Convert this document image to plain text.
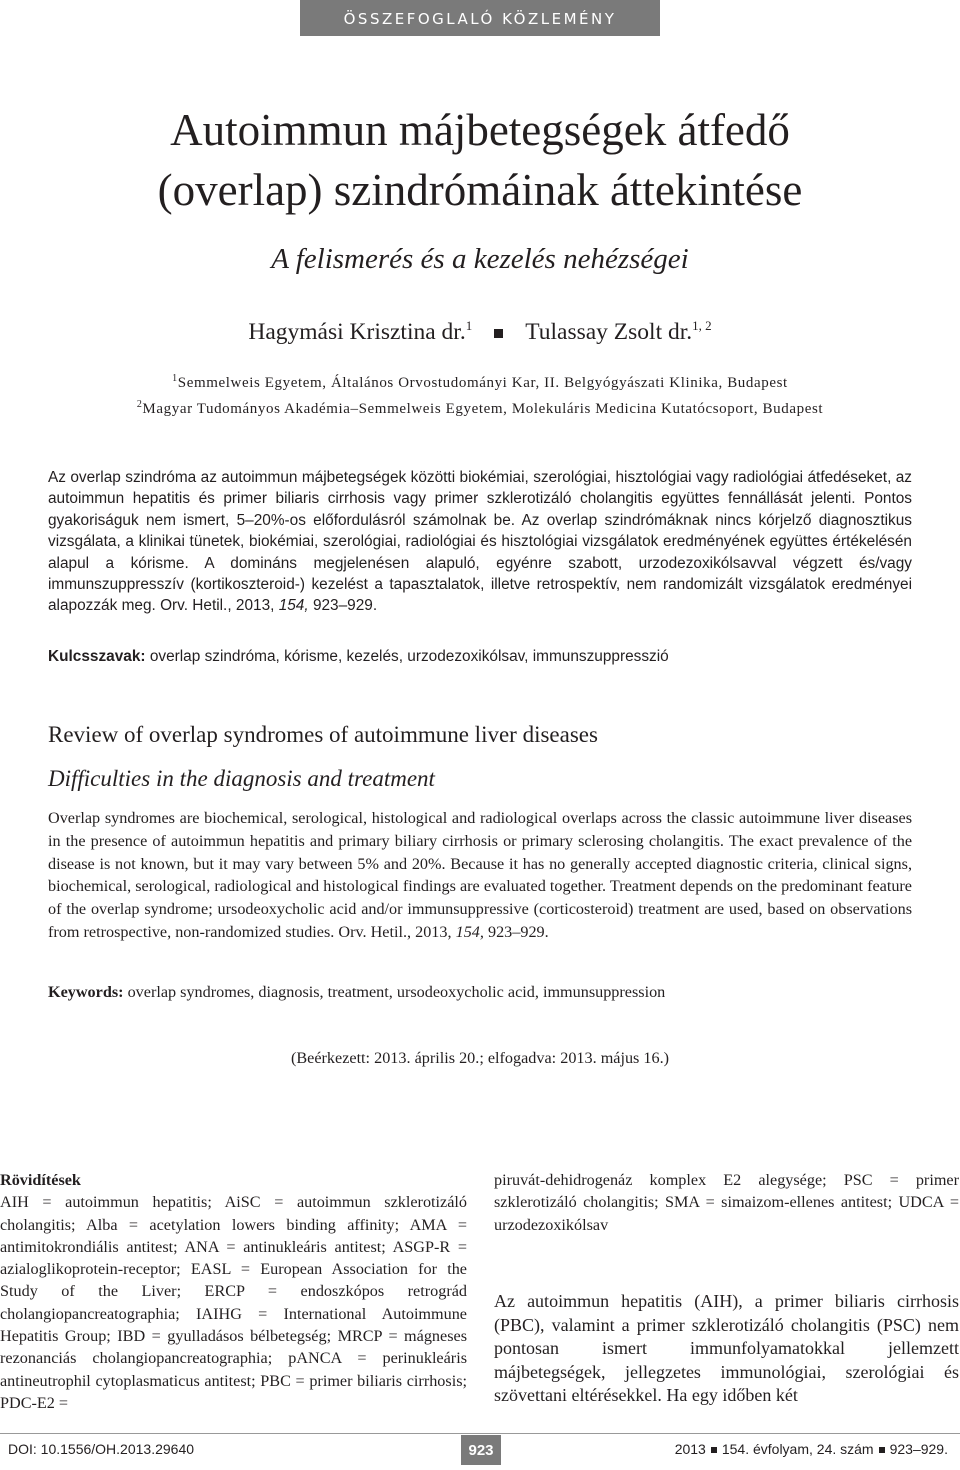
ÖSSZEFOGLALÓ KÖZLEMÉNY
Autoimmun májbetegségek átfedő
(overlap) szindrómáinak áttekintése
A felismerés és a kezelés nehézségei
Hagymási Krisztina dr.$^1$ Tulassay Zsolt dr.$^{1, 2}$
$^1$Semmelweis Egyetem, Általános Orvostudományi Kar, II. Belgyógyászati Klinika, Budapest
$^2$Magyar Tudományos Akadémia–Semmelweis Egyetem, Molekuláris Medicina Kutatócsoport, Budapest

Az overlap szindróma az autoimmun májbetegségek közötti biokémiai, szerológiai, hisztológiai vagy radiológiai átfedéseket, az autoimmun hepatitis és primer biliaris cirrhosis vagy primer szklerotizáló cholangitis együttes fennállását jelenti. Pontos gyakoriságuk nem ismert, 5–20%-os előfordulásról számolnak be. Az overlap szindrómáknak nincs kórjelző diagnosztikus vizsgálata, a klinikai tünetek, biokémiai, szerológiai, radiológiai és hisztológiai vizsgálatok eredményének együttes értékelésén alapul a kórisme. A domináns megjelenésen alapuló, egyénre szabott, urzodezoxikólsavval végzett és/vagy immunszuppresszív (kortikoszteroid-) kezelést a tapasztalatok, illetve retrospektív, nem randomizált vizsgálatok eredményei alapozzák meg. Orv. Hetil., 2013, 154, 923–929.

Kulcsszavak: overlap szindróma, kórisme, kezelés, urzodezoxikólsav, immunszuppresszió
Review of overlap syndromes of autoimmune liver diseases
Difficulties in the diagnosis and treatment
Overlap syndromes are biochemical, serological, histological and radiological overlaps across the classic autoimmune liver diseases in the presence of autoimmun hepatitis and primary biliary cirrhosis or primary sclerosing cholangitis. The exact prevalence of the disease is not known, but it may vary between 5% and 20%. Because it has no generally accepted diagnostic criteria, clinical signs, biochemical, serological, radiological and histological findings are evaluated together. Treatment depends on the predominant feature of the overlap syndrome; ursodeoxycholic acid and/or immunsuppressive (corticosteroid) treatment are used, based on observations from retrospective, non-randomized studies. Orv. Hetil., 2013, 154, 923–929.
Keywords: overlap syndromes, diagnosis, treatment, ursodeoxycholic acid, immunsuppression
(Beérkezett: 2013. április 20.; elfogadva: 2013. május 16.)
Rövidítések
AIH = autoimmun hepatitis; AiSC = autoimmun szklerotizáló cholangitis; Alba = acetylation lowers binding affinity; AMA = antimitokrondiális antitest; ANA = antinukleáris antitest; ASGP-R = azialoglikoprotein-receptor; EASL = European Association for the Study of the Liver; ERCP = endoszkópos retrográd cholangiopancreatographia; IAIHG = International Autoimmune Hepatitis Group; IBD = gyulladásos bélbetegség; MRCP = mágneses rezonanciás cholangiopancreatographia; pANCA = perinukleáris antineutrophil cytoplasmaticus antitest; PBC = primer biliaris cirrhosis; PDC-E2 =
piruvát-dehidrogenáz komplex E2 alegysége; PSC = primer szklerotizáló cholangitis; SMA = simaizom-ellenes antitest; UDCA = urzodezoxikólsav
Az autoimmun hepatitis (AIH), a primer biliaris cirrhosis (PBC), valamint a primer szklerotizáló cholangitis (PSC) nem pontosan ismert immunfolyamatokkal jellemzett májbetegségek, jellegzetes immunológiai, szerológiai és szövettani eltérésekkel. Ha egy időben két
DOI: 10.1556/OH.2013.29640	923	2013 154. évfolyam, 24. szám 923–929.
